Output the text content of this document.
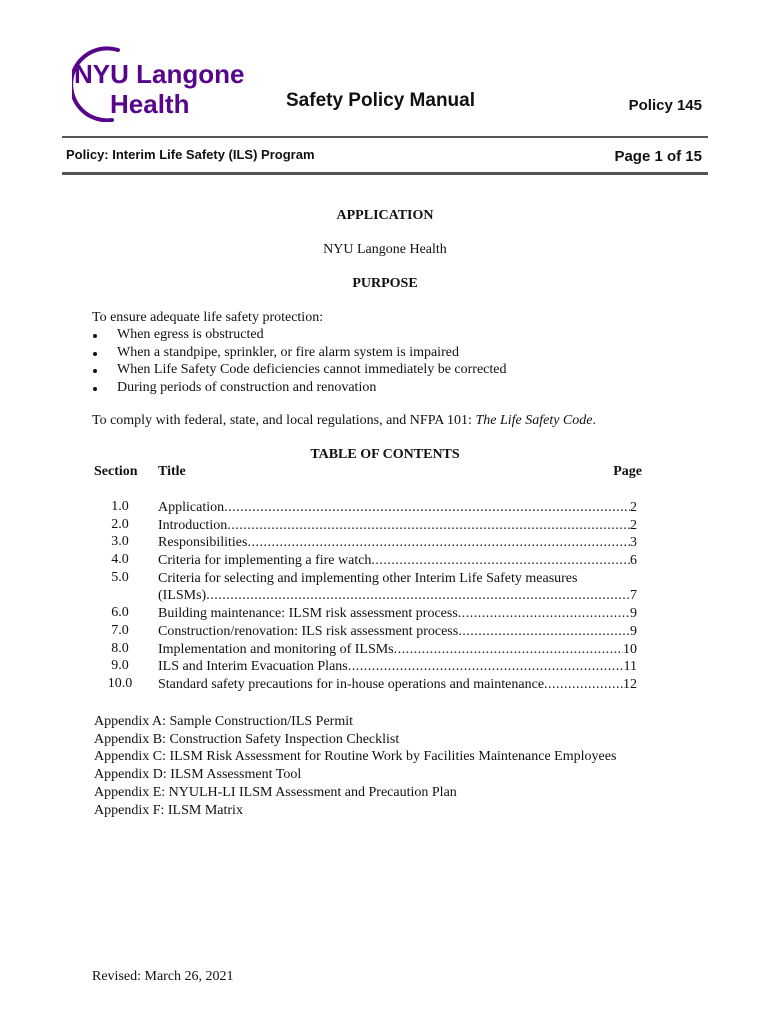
NYU Langone
Health	Safety Policy Manual	Policy 145
Policy: Interim Life Safety (ILS) Program	Page 1 of 15
APPLICATION
NYU Langone Health
PURPOSE
To ensure adequate life safety protection:
When egress is obstructed
When a standpipe, sprinkler, or fire alarm system is impaired
When Life Safety Code deficiencies cannot immediately be corrected
During periods of construction and renovation
To comply with federal, state, and local regulations, and NFPA 101: The Life Safety Code.
TABLE OF CONTENTS
Section Title	Page
1.0	Application .....	2
2.0	Introduction .....	2
3.0	Responsibilities .....	3
4.0	Criteria for implementing a fire watch .....	6
5.0	Criteria for selecting and implementing other Interim Life Safety measures
(ILSMs) .....	7
6.0	Building maintenance: ILSM risk assessment process .....	9
7.0	Construction/renovation: ILS risk assessment process .....	9
8.0	Implementation and monitoring of ILSMs .....	10
9.0	ILS and Interim Evacuation Plans .....	11
10.0	Standard safety precautions for in-house operations and maintenance .....	12
Appendix A: Sample Construction/ILS Permit
Appendix B: Construction Safety Inspection Checklist
Appendix C: ILSM Risk Assessment for Routine Work by Facilities Maintenance Employees
Appendix D: ILSM Assessment Tool
Appendix E: NYULH-LI ILSM Assessment and Precaution Plan
Appendix F: ILSM Matrix
Revised: March 26, 2021
